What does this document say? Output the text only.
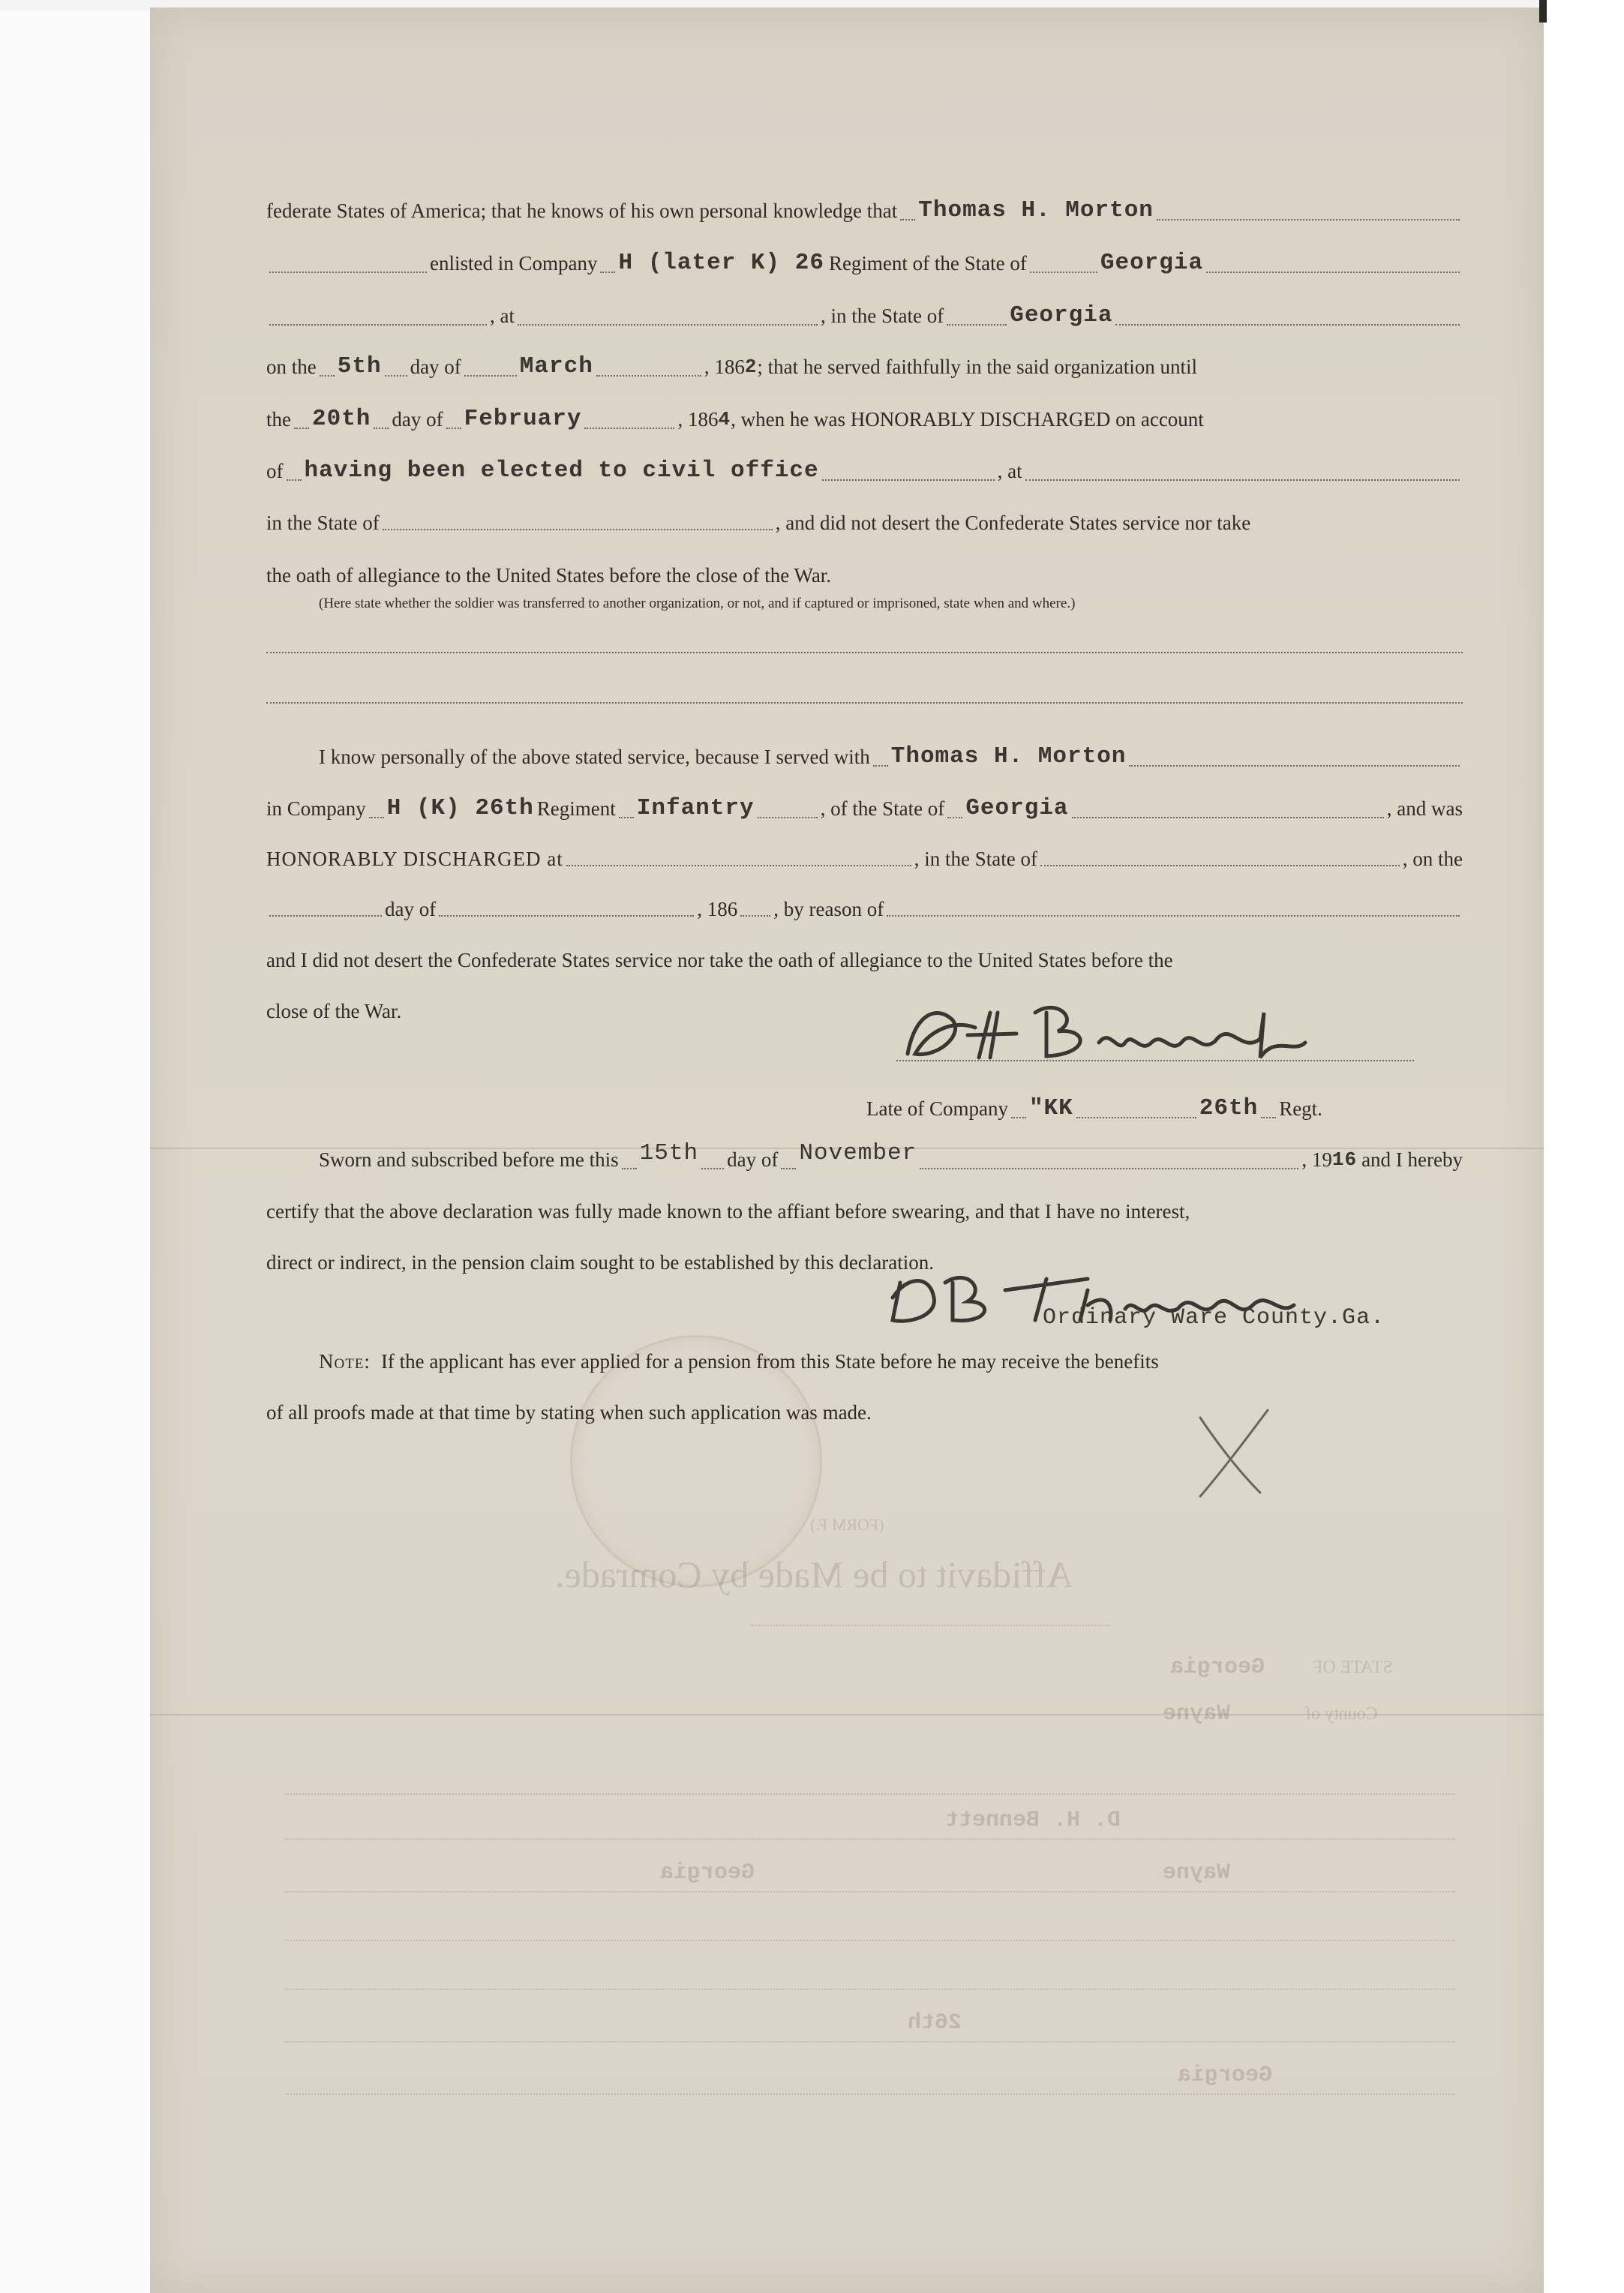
(FORM F.)
Affidavit to be Made by Comrade.
STATE OF
Georgia
County of
Wayne
D. H. Bennett
Wayne
Georgia
26th
Georgia
federate States of America; that he knows of his own personal knowledge that Thomas H. Morton
enlisted in Company H (later K) 26 Regiment of the State of	Georgia
, at	, in the State of	Georgia
on the 5th day of	March	, 186 2 ; that he served faithfully in the said organization until
the 20th day of February	, 186 4 , when he was HONORABLY DISCHARGED on account
of having been elected to civil office	, at
in the State of	, and did not desert the Confederate States service nor take
the oath of allegiance to the United States before the close of the War.
(Here state whether the soldier was transferred to another organization, or not, and if captured or imprisoned, state when and where.)
I know personally of the above stated service, because I served with Thomas H. Morton
in Company H (K) 26th Regiment Infantry	, of the State of Georgia	, and was
HONORABLY DISCHARGED at	, in the State of	, on the
day of	, 186 , by reason of
and I did not desert the Confederate States service nor take the oath of allegiance to the United States before the
close of the War.
Late of Company "KK	26th Regt.
Sworn and subscribed before me this 15th day of November	, 19 16 and I hereby
certify that the above declaration was fully made known to the affiant before swearing, and that I have no interest,
direct or indirect, in the pension claim sought to be established by this declaration.
Ordinary Ware County.Ga.
Note: If the applicant has ever applied for a pension from this State before he may receive the benefits
of all proofs made at that time by stating when such application was made.
